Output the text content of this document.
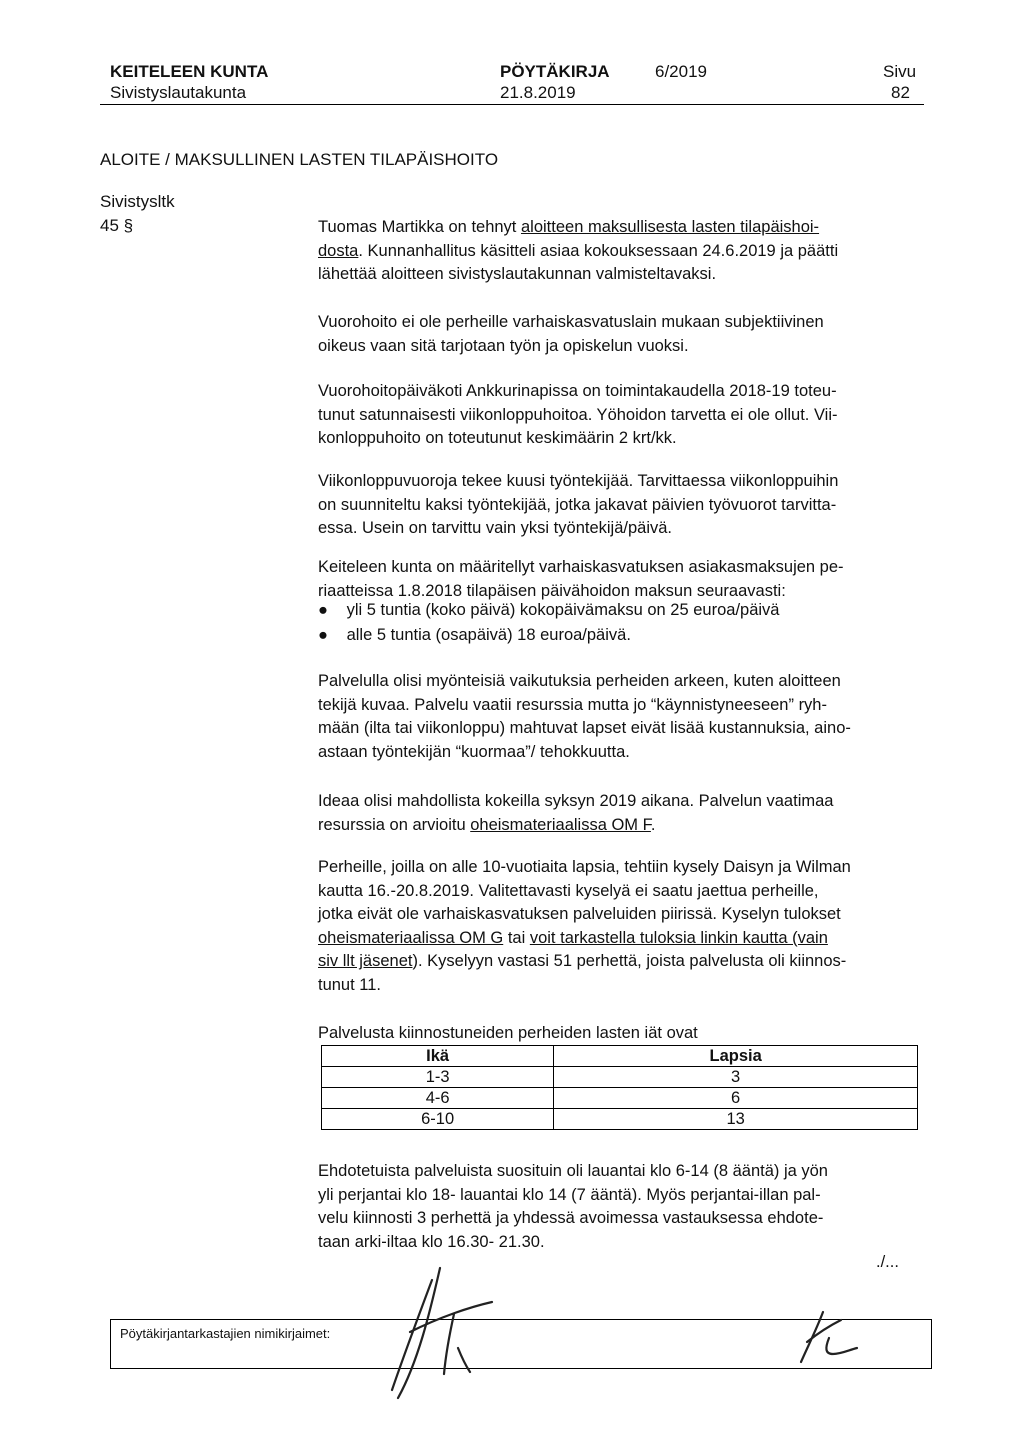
KEITELEEN KUNTA
Sivistyslautakunta
PÖYTÄKIRJA
21.8.2019
6/2019	Sivu
82
ALOITE / MAKSULLINEN LASTEN TILAPÄISHOITO
Sivistysltk
45 §	Tuomas Martikka on tehnyt aloitteen maksullisesta lasten tilapäishoi-
dosta. Kunnanhallitus käsitteli asiaa kokouksessaan 24.6.2019 ja päätti
lähettää aloitteen sivistyslautakunnan valmisteltavaksi.
Vuorohoito ei ole perheille varhaiskasvatuslain mukaan subjektiivinen
oikeus vaan sitä tarjotaan työn ja opiskelun vuoksi.
Vuorohoitopäiväkoti Ankkurinapissa on toimintakaudella 2018-19 toteu-
tunut satunnaisesti viikonloppuhoitoa. Yöhoidon tarvetta ei ole ollut. Vii-
konloppuhoito on toteutunut keskimäärin 2 krt/kk.
Viikonloppuvuoroja tekee kuusi työntekijää. Tarvittaessa viikonloppuihin
on suunniteltu kaksi työntekijää, jotka jakavat päivien työvuorot tarvitta-
essa. Usein on tarvittu vain yksi työntekijä/päivä.
Keiteleen kunta on määritellyt varhaiskasvatuksen asiakasmaksujen pe-
riaatteissa 1.8.2018 tilapäisen päivähoidon maksun seuraavasti:
● yli 5 tuntia (koko päivä) kokopäivämaksu on 25 euroa/päivä
● alle 5 tuntia (osapäivä) 18 euroa/päivä.
Palvelulla olisi myönteisiä vaikutuksia perheiden arkeen, kuten aloitteen
tekijä kuvaa. Palvelu vaatii resurssia mutta jo “käynnistyneeseen” ryh-
mään (ilta tai viikonloppu) mahtuvat lapset eivät lisää kustannuksia, aino-
astaan työntekijän “kuormaa”/ tehokkuutta.
Ideaa olisi mahdollista kokeilla syksyn 2019 aikana. Palvelun vaatimaa
resurssia on arvioitu oheismateriaalissa OM F.
Perheille, joilla on alle 10-vuotiaita lapsia, tehtiin kysely Daisyn ja Wilman
kautta 16.-20.8.2019. Valitettavasti kyselyä ei saatu jaettua perheille,
jotka eivät ole varhaiskasvatuksen palveluiden piirissä. Kyselyn tulokset
oheismateriaalissa OM G tai voit tarkastella tuloksia linkin kautta (vain
siv llt jäsenet). Kyselyyn vastasi 51 perhettä, joista palvelusta oli kiinnos-
tunut 11.
Palvelusta kiinnostuneiden perheiden lasten iät ovat
Ikä	Lapsia
1-3	3
4-6	6
6-10	13
Ehdotetuista palveluista suosituin oli lauantai klo 6-14 (8 ääntä) ja yön
yli perjantai klo 18- lauantai klo 14 (7 ääntä). Myös perjantai-illan pal-
velu kiinnosti 3 perhettä ja yhdessä avoimessa vastauksessa ehdote-
taan arki-iltaa klo 16.30- 21.30.
./...
Pöytäkirjantarkastajien nimikirjaimet:
